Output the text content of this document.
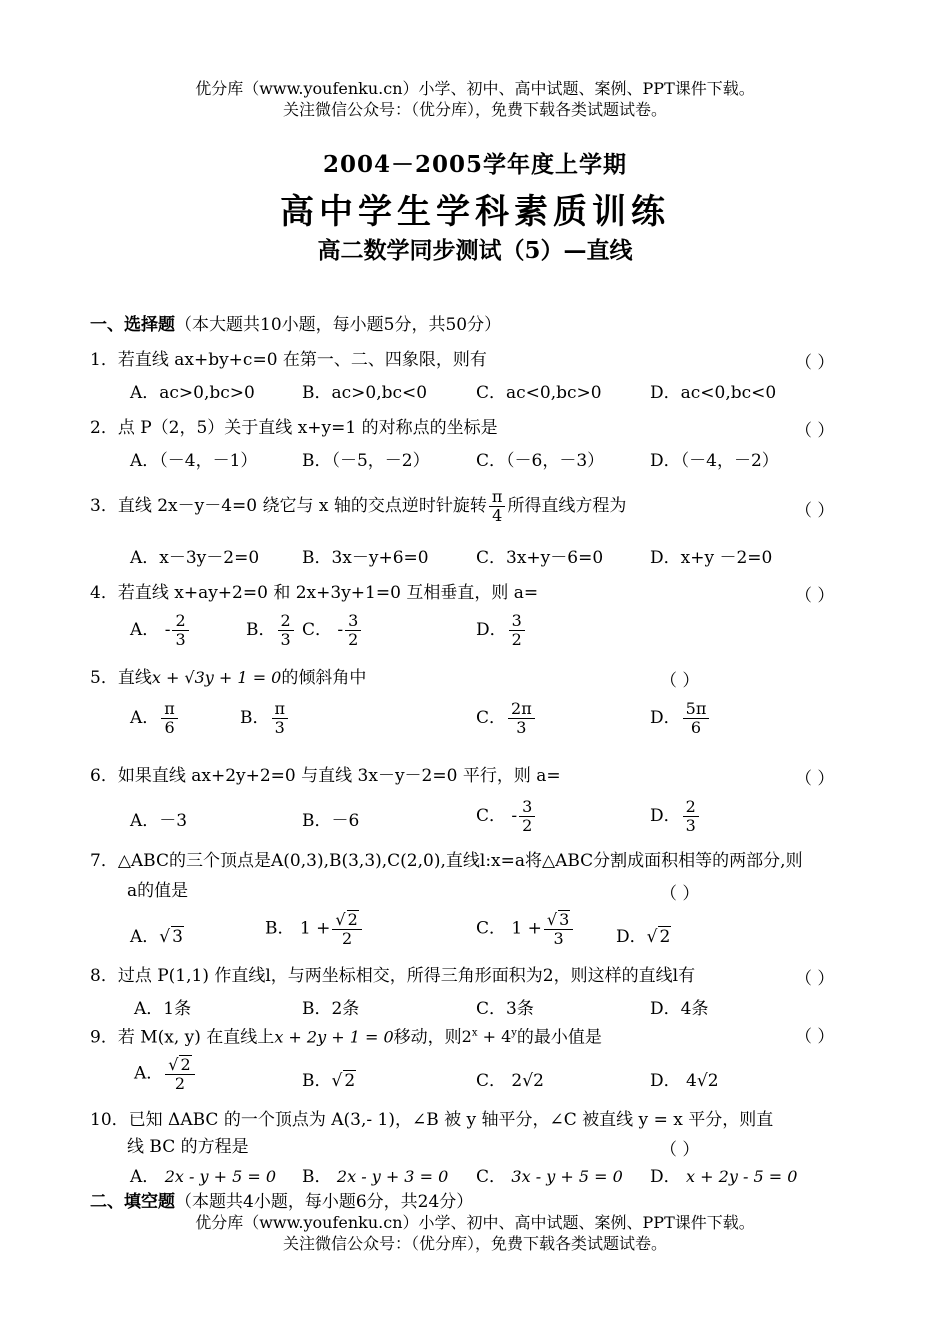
优分库（www.youfenku.cn）小学、初中、高中试题、案例、PPT课件下载。
关注微信公众号：（优分库），免费下载各类试题试卷。
2004－2005学年度上学期
高中学生学科素质训练
高二数学同步测试（5）—直线
一、选择题（本大题共10小题，每小题5分，共50分）
1．若直线 ax+by+c=0 在第一、二、四象限，则有	（ ）
A．ac>0,bc>0	B．ac>0,bc<0	C．ac<0,bc>0	D．ac<0,bc<0
2．点 P（2，5）关于直线 x+y=1 的对称点的坐标是	（ ）
A．（－4，－1）	B．（－5，－2）	C．（－6，－3）	D．（－4，－2）
3．直线 2x－y－4=0 绕它与 x 轴的交点逆时针旋转 $\frac{\pi}{4}$ 所得直线方程为	（ ）
A．x－3y－2=0	B．3x－y+6=0	C．3x+y－6=0	D．x+y －2=0
4．若直线 x+ay+2=0 和 2x+3y+1=0 互相垂直，则 a=	（ ）
A． - $\frac{2}{3}$	B． $\frac{2}{3}$ C． - $\frac{3}{2}$	D． $\frac{3}{2}$
5．直线x + √3y + 1 = 0的倾斜角中	（ ）
A． $\frac{\pi}{6}$	B． $\frac{\pi}{3}$	C． $\frac{2\pi}{3}$	D． $\frac{5\pi}{6}$
6．如果直线 ax+2y+2=0 与直线 3x－y－2=0 平行，则 a=	（ ）
A．－3	B．－6	C． - $\frac{3}{2}$	D． $\frac{2}{3}$
7．△ABC的三个顶点是A(0,3),B(3,3),C(2,0),直线l:x=a将△ABC分割成面积相等的两部分,则
a的值是	（ ）
A．√ 3	B． $1 + \frac{√ 2}{2}$	C． $1 + \frac{√ 3}{3}$	D．√ 2
8．过点 P(1,1) 作直线l，与两坐标相交，所得三角形面积为2，则这样的直线l有	（ ）
A．1条	B．2条	C．3条	D．4条
9．若 M(x, y) 在直线上x + 2y + 1 = 0移动，则$2^x + 4^y$的最小值是	（ ）
A． $\frac{√ 2}{2}$	B．√ 2	C． 2√2	D． 4√2
10．已知 ΔABC 的一个顶点为 A(3,- 1)，∠B 被 y 轴平分，∠C 被直线 y = x 平分，则直
线 BC 的方程是	（ ）
A． 2x - y + 5 = 0 B． 2x - y + 3 = 0 C． 3x - y + 5 = 0 D． x + 2y - 5 = 0
二、填空题（本题共4小题，每小题6分，共24分）
优分库（www.youfenku.cn）小学、初中、高中试题、案例、PPT课件下载。
关注微信公众号：（优分库），免费下载各类试题试卷。
